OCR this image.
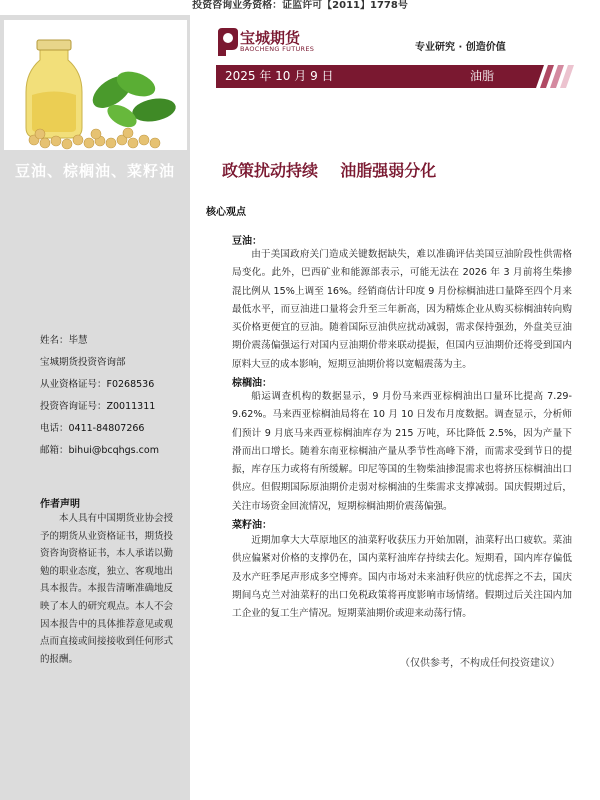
投资咨询业务资格：证监许可【2011】1778号
豆油、棕榈油、菜籽油
姓名：毕慧
宝城期货投资咨询部
从业资格证号：F0268536
投资咨询证号：Z0011311
电话：0411-84807266
邮箱：bihui@bcqhgs.com
作者声明
本人具有中国期货业协会授予的期货从业资格证书，期货投资咨询资格证书，本人承诺以勤勉的职业态度，独立、客观地出具本报告。本报告清晰准确地反映了本人的研究观点。本人不会因本报告中的具体推荐意见或观点而直接或间接接收到任何形式的报酬。
宝城期货
BAOCHENG FUTURES	专业研究 · 创造价值
2025 年 10 月 9 日	油脂
政策扰动持续    油脂强弱分化
核心观点
豆油：
由于美国政府关门造成关键数据缺失，难以准确评估美国豆油阶段性供需格局变化。此外，巴西矿业和能源部表示，可能无法在 2026 年 3 月前将生柴掺混比例从 15%上调至 16%。经销商估计印度 9 月份棕榈油进口量降至四个月来最低水平，而豆油进口量将会升至三年新高，因为精炼企业从购买棕榈油转向购买价格更便宜的豆油。随着国际豆油供应扰动减弱，需求保持强劲，外盘美豆油期价震荡偏强运行对国内豆油期价带来联动提振，但国内豆油期价还将受到国内原料大豆的成本影响，短期豆油期价将以宽幅震荡为主。
棕榈油：
船运调查机构的数据显示，9 月份马来西亚棕榈油出口量环比提高 7.29-9.62%。马来西亚棕榈油局将在 10 月 10 日发布月度数据。调查显示，分析师们预计 9 月底马来西亚棕榈油库存为 215 万吨，环比降低 2.5%，因为产量下滑而出口增长。随着东南亚棕榈油产量从季节性高峰下滑，而需求受到节日的提振，库存压力或将有所缓解。印尼等国的生物柴油掺混需求也将挤压棕榈油出口供应。但假期国际原油期价走弱对棕榈油的生柴需求支撑减弱。国庆假期过后，关注市场资金回流情况，短期棕榈油期价震荡偏强。
菜籽油：
近期加拿大大草原地区的油菜籽收获压力开始加剧，油菜籽出口疲软。菜油供应偏紧对价格的支撑仍在，国内菜籽油库存持续去化。短期看，国内库存偏低及水产旺季尾声形成多空博弈。国内市场对未来油籽供应的忧虑挥之不去，国庆期间乌克兰对油菜籽的出口免税政策将再度影响市场情绪。假期过后关注国内加工企业的复工生产情况。短期菜油期价或迎来动荡行情。
（仅供参考，不构成任何投资建议）
